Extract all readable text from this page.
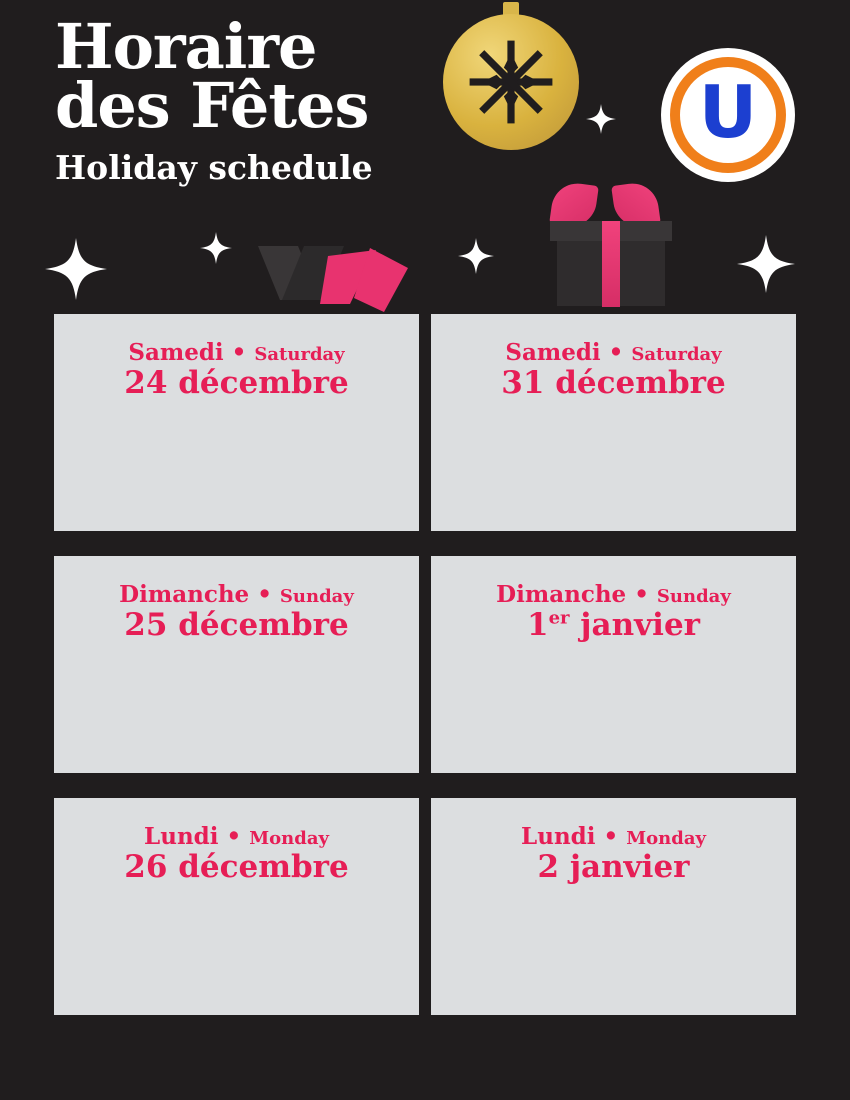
Horaire
des Fêtes
Holiday schedule
U
Samedi • Saturday
24 décembre
Samedi • Saturday
31 décembre
Dimanche • Sunday
25 décembre
Dimanche • Sunday
1er janvier
Lundi • Monday
26 décembre
Lundi • Monday
2 janvier
